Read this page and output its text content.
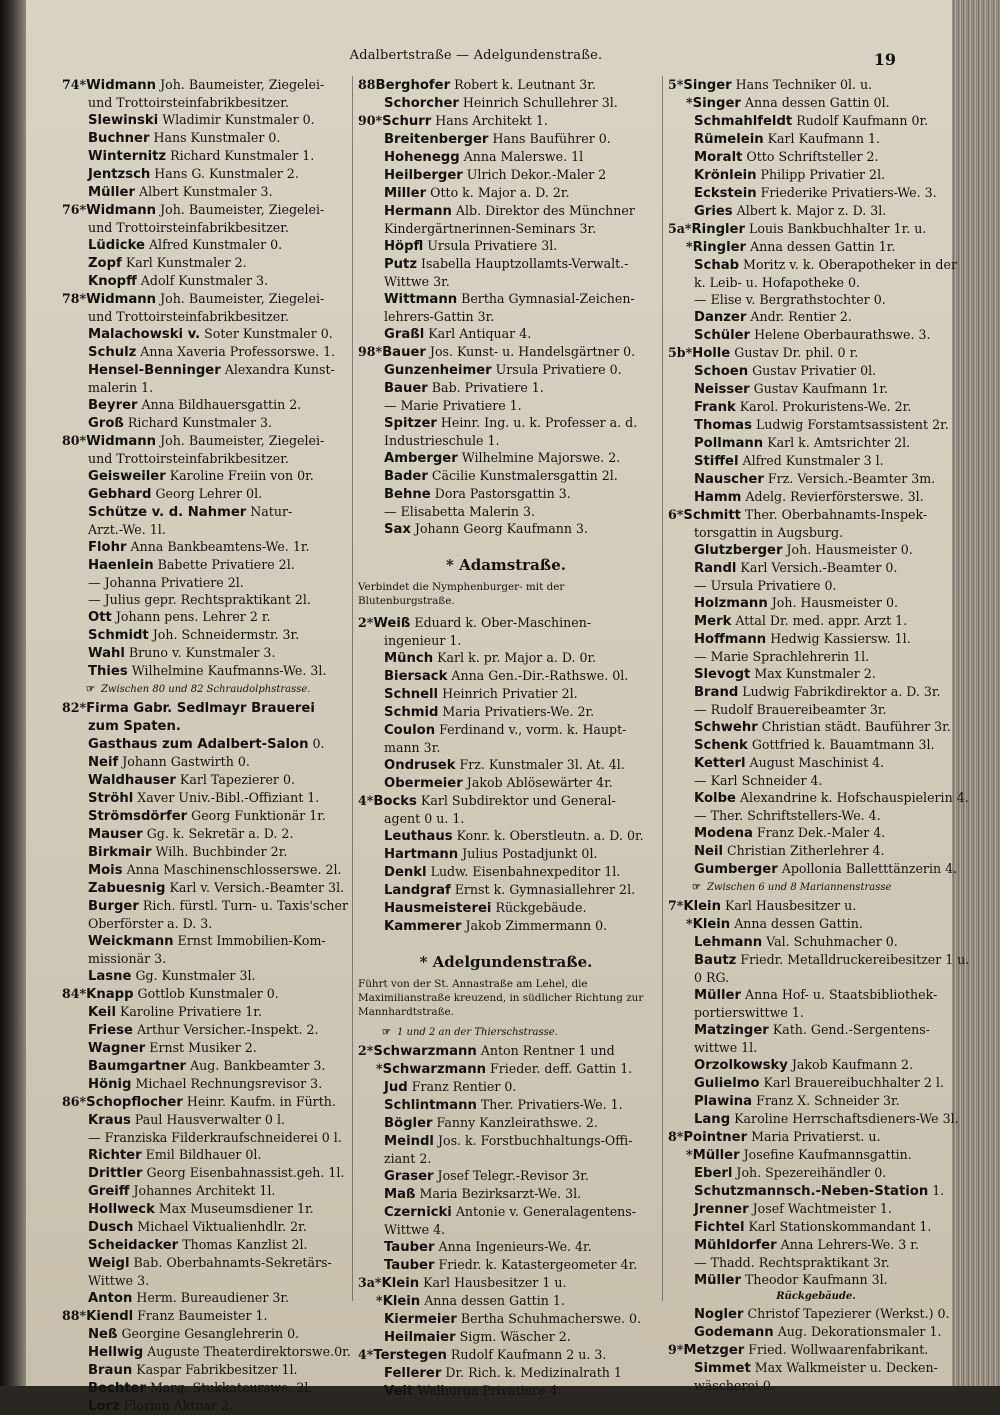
00092425
Adalbertstraße — Adelgundenstraße.	19
74*Widmann Joh. Baumeister, Ziegelei-
und Trottoirsteinfabrikbesitzer.
Slewinski Wladimir Kunstmaler 0.
Buchner Hans Kunstmaler 0.
Winternitz Richard Kunstmaler 1.
Jentzsch Hans G. Kunstmaler 2.
Müller Albert Kunstmaler 3.
76*Widmann Joh. Baumeister, Ziegelei-
und Trottoirsteinfabrikbesitzer.
Lüdicke Alfred Kunstmaler 0.
Zopf Karl Kunstmaler 2.
Knopff Adolf Kunstmaler 3.
78*Widmann Joh. Baumeister, Ziegelei-
und Trottoirsteinfabrikbesitzer.
Malachowski v. Soter Kunstmaler 0.
Schulz Anna Xaveria Professorswe. 1.
Hensel-Benninger Alexandra Kunst-
malerin 1.
Beyrer Anna Bildhauersgattin 2.
Groß Richard Kunstmaler 3.
80*Widmann Joh. Baumeister, Ziegelei-
und Trottoirsteinfabrikbesitzer.
Geisweiler Karoline Freiin von 0r.
Gebhard Georg Lehrer 0l.
Schütze v. d. Nahmer Natur-
Arzt.-We. 1l.
Flohr Anna Bankbeamtens-We. 1r.
Haenlein Babette Privatiere 2l.
— Johanna Privatiere 2l.
— Julius gepr. Rechtspraktikant 2l.
Ott Johann pens. Lehrer 2 r.
Schmidt Joh. Schneidermstr. 3r.
Wahl Bruno v. Kunstmaler 3.
Thies Wilhelmine Kaufmanns-We. 3l.
☞ Zwischen 80 und 82 Schraudolphstrasse.
82*Firma Gabr. Sedlmayr Brauerei
zum Spaten.
Gasthaus zum Adalbert-Salon 0.
Neif Johann Gastwirth 0.
Waldhauser Karl Tapezierer 0.
Ströhl Xaver Univ.-Bibl.-Offiziant 1.
Strömsdörfer Georg Funktionär 1r.
Mauser Gg. k. Sekretär a. D. 2.
Birkmair Wilh. Buchbinder 2r.
Mois Anna Maschinenschlosserswe. 2l.
Zabuesnig Karl v. Versich.-Beamter 3l.
Burger Rich. fürstl. Turn- u. Taxis'scher
Oberförster a. D. 3.
Weickmann Ernst Immobilien-Kom-
missionär 3.
Lasne Gg. Kunstmaler 3l.
84*Knapp Gottlob Kunstmaler 0.
Keil Karoline Privatiere 1r.
Friese Arthur Versicher.-Inspekt. 2.
Wagner Ernst Musiker 2.
Baumgartner Aug. Bankbeamter 3.
Hönig Michael Rechnungsrevisor 3.
86*Schopflocher Heinr. Kaufm. in Fürth.
Kraus Paul Hausverwalter 0 l.
— Franziska Filderkraufschneiderei 0 l.
Richter Emil Bildhauer 0l.
Drittler Georg Eisenbahnassist.geh. 1l.
Greiff Johannes Architekt 1l.
Hollweck Max Museumsdiener 1r.
Dusch Michael Viktualienhdlr. 2r.
Scheidacker Thomas Kanzlist 2l.
Weigl Bab. Oberbahnamts-Sekretärs-
Wittwe 3.
Anton Herm. Bureaudiener 3r.
88*Kiendl Franz Baumeister 1.
Neß Georgine Gesanglehrerin 0.
Hellwig Auguste Theaterdirektorswe.0r.
Braun Kaspar Fabrikbesitzer 1l.
Bechter Marg. Stukkateurswe. 2l.
Lorz Florian Aktuar 2.
88Berghofer Robert k. Leutnant 3r.
Schorcher Heinrich Schullehrer 3l.
90*Schurr Hans Architekt 1.
Breitenberger Hans Bauführer 0.
Hohenegg Anna Malerswe. 1l
Heilberger Ulrich Dekor.-Maler 2
Miller Otto k. Major a. D. 2r.
Hermann Alb. Direktor des Münchner
Kindergärtnerinnen-Seminars 3r.
Höpfl Ursula Privatiere 3l.
Putz Isabella Hauptzollamts-Verwalt.-
Wittwe 3r.
Wittmann Bertha Gymnasial-Zeichen-
lehrers-Gattin 3r.
Graßl Karl Antiquar 4.
98*Bauer Jos. Kunst- u. Handelsgärtner 0.
Gunzenheimer Ursula Privatiere 0.
Bauer Bab. Privatiere 1.
— Marie Privatiere 1.
Spitzer Heinr. Ing. u. k. Professer a. d.
Industrieschule 1.
Amberger Wilhelmine Majorswe. 2.
Bader Cäcilie Kunstmalersgattin 2l.
Behne Dora Pastorsgattin 3.
— Elisabetta Malerin 3.
Sax Johann Georg Kaufmann 3.
* Adamstraße.
Verbindet die Nymphenburger- mit der Blutenburgstraße.
2*Weiß Eduard k. Ober-Maschinen-
ingenieur 1.
Münch Karl k. pr. Major a. D. 0r.
Biersack Anna Gen.-Dir.-Rathswe. 0l.
Schnell Heinrich Privatier 2l.
Schmid Maria Privatiers-We. 2r.
Coulon Ferdinand v., vorm. k. Haupt-
mann 3r.
Ondrusek Frz. Kunstmaler 3l. At. 4l.
Obermeier Jakob Ablösewärter 4r.
4*Bocks Karl Subdirektor und General-
agent 0 u. 1.
Leuthaus Konr. k. Oberstleutn. a. D. 0r.
Hartmann Julius Postadjunkt 0l.
Denkl Ludw. Eisenbahnexpeditor 1l.
Landgraf Ernst k. Gymnasiallehrer 2l.
Hausmeisterei Rückgebäude.
Kammerer Jakob Zimmermann 0.
* Adelgundenstraße.
Führt von der St. Annastraße am Lehel, die Maximilianstraße kreuzend, in südlicher Richtung zur Mannhardtstraße.
☞ 1 und 2 an der Thierschstrasse.
2*Schwarzmann Anton Rentner 1 und
*Schwarzmann Frieder. deff. Gattin 1.
Jud Franz Rentier 0.
Schlintmann Ther. Privatiers-We. 1.
Bögler Fanny Kanzleirathswe. 2.
Meindl Jos. k. Forstbuchhaltungs-Offi-
ziant 2.
Graser Josef Telegr.-Revisor 3r.
Maß Maria Bezirksarzt-We. 3l.
Czernicki Antonie v. Generalagentens-
Wittwe 4.
Tauber Anna Ingenieurs-We. 4r.
Tauber Friedr. k. Katastergeometer 4r.
3a*Klein Karl Hausbesitzer 1 u.
*Klein Anna dessen Gattin 1.
Kiermeier Bertha Schuhmacherswe. 0.
Heilmaier Sigm. Wäscher 2.
4*Terstegen Rudolf Kaufmann 2 u. 3.
Fellerer Dr. Rich. k. Medizinalrath 1
Veit Walburga Privatiere 4.
5*Singer Hans Techniker 0l. u.
*Singer Anna dessen Gattin 0l.
Schmahlfeldt Rudolf Kaufmann 0r.
Rümelein Karl Kaufmann 1.
Moralt Otto Schriftsteller 2.
Krönlein Philipp Privatier 2l.
Eckstein Friederike Privatiers-We. 3.
Gries Albert k. Major z. D. 3l.
5a*Ringler Louis Bankbuchhalter 1r. u.
*Ringler Anna dessen Gattin 1r.
Schab Moritz v. k. Oberapotheker in der
k. Leib- u. Hofapotheke 0.
— Elise v. Bergrathstochter 0.
Danzer Andr. Rentier 2.
Schüler Helene Oberbaurathswe. 3.
5b*Holle Gustav Dr. phil. 0 r.
Schoen Gustav Privatier 0l.
Neisser Gustav Kaufmann 1r.
Frank Karol. Prokuristens-We. 2r.
Thomas Ludwig Forstamtsassistent 2r.
Pollmann Karl k. Amtsrichter 2l.
Stiffel Alfred Kunstmaler 3 l.
Nauscher Frz. Versich.-Beamter 3m.
Hamm Adelg. Revierförsterswe. 3l.
6*Schmitt Ther. Oberbahnamts-Inspek-
torsgattin in Augsburg.
Glutzberger Joh. Hausmeister 0.
Randl Karl Versich.-Beamter 0.
— Ursula Privatiere 0.
Holzmann Joh. Hausmeister 0.
Merk Attal Dr. med. appr. Arzt 1.
Hoffmann Hedwig Kassiersw. 1l.
— Marie Sprachlehrerin 1l.
Slevogt Max Kunstmaler 2.
Brand Ludwig Fabrikdirektor a. D. 3r.
— Rudolf Brauereibeamter 3r.
Schwehr Christian städt. Bauführer 3r.
Schenk Gottfried k. Bauamtmann 3l.
Ketterl August Maschinist 4.
— Karl Schneider 4.
Kolbe Alexandrine k. Hofschauspielerin 4.
— Ther. Schriftstellers-We. 4.
Modena Franz Dek.-Maler 4.
Neil Christian Zitherlehrer 4.
Gumberger Apollonia Balletttänzerin 4.
☞ Zwischen 6 und 8 Mariannenstrasse
7*Klein Karl Hausbesitzer u.
*Klein Anna dessen Gattin.
Lehmann Val. Schuhmacher 0.
Bautz Friedr. Metalldruckereibesitzer 1 u.
0 RG.
Müller Anna Hof- u. Staatsbibliothek-
portierswittwe 1.
Matzinger Kath. Gend.-Sergentens-
wittwe 1l.
Orzolkowsky Jakob Kaufmann 2.
Gulielmo Karl Brauereibuchhalter 2 l.
Plawina Franz X. Schneider 3r.
Lang Karoline Herrschaftsdieners-We 3l.
8*Pointner Maria Privatierst. u.
*Müller Josefine Kaufmannsgattin.
Eberl Joh. Spezereihändler 0.
Schutzmannsch.-Neben-Station 1.
Jrenner Josef Wachtmeister 1.
Fichtel Karl Stationskommandant 1.
Mühldorfer Anna Lehrers-We. 3 r.
— Thadd. Rechtspraktikant 3r.
Müller Theodor Kaufmann 3l.
Rückgebäude.
Nogler Christof Tapezierer (Werkst.) 0.
Godemann Aug. Dekorationsmaler 1.
9*Metzger Fried. Wollwaarenfabrikant.
Simmet Max Walkmeister u. Decken-
wäscherei 0.
